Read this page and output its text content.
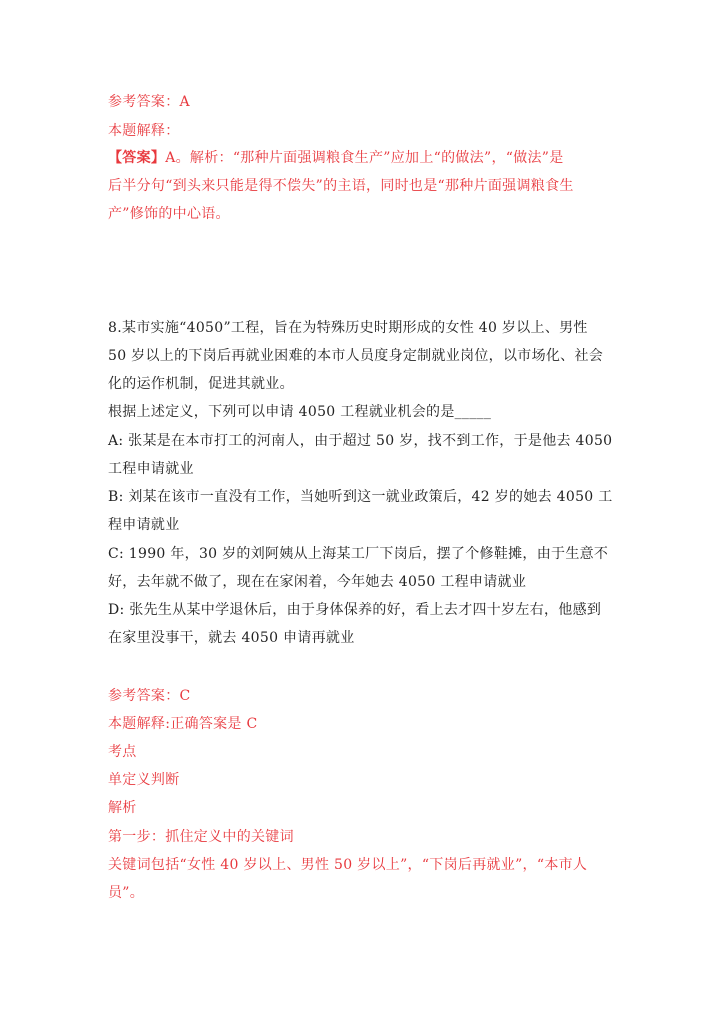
参考答案：A
本题解释：
【答案】A。解析：“那种片面强调粮食生产”应加上“的做法”，“做法”是
后半分句“到头来只能是得不偿失”的主语，同时也是“那种片面强调粮食生
产”修饰的中心语。
8.某市实施“4050”工程，旨在为特殊历史时期形成的女性 40 岁以上、男性
50 岁以上的下岗后再就业困难的本市人员度身定制就业岗位，以市场化、社会
化的运作机制，促进其就业。
根据上述定义，下列可以申请 4050 工程就业机会的是_____
A: 张某是在本市打工的河南人，由于超过 50 岁，找不到工作，于是他去 4050
工程申请就业
B: 刘某在该市一直没有工作，当她听到这一就业政策后，42 岁的她去 4050 工
程申请就业
C: 1990 年，30 岁的刘阿姨从上海某工厂下岗后，摆了个修鞋摊，由于生意不
好，去年就不做了，现在在家闲着，今年她去 4050 工程申请就业
D: 张先生从某中学退休后，由于身体保养的好，看上去才四十岁左右，他感到
在家里没事干，就去 4050 申请再就业
参考答案：C
本题解释:正确答案是 C
考点
单定义判断
解析
第一步：抓住定义中的关键词
关键词包括“女性 40 岁以上、男性 50 岁以上”，“下岗后再就业”，“本市人
员”。
